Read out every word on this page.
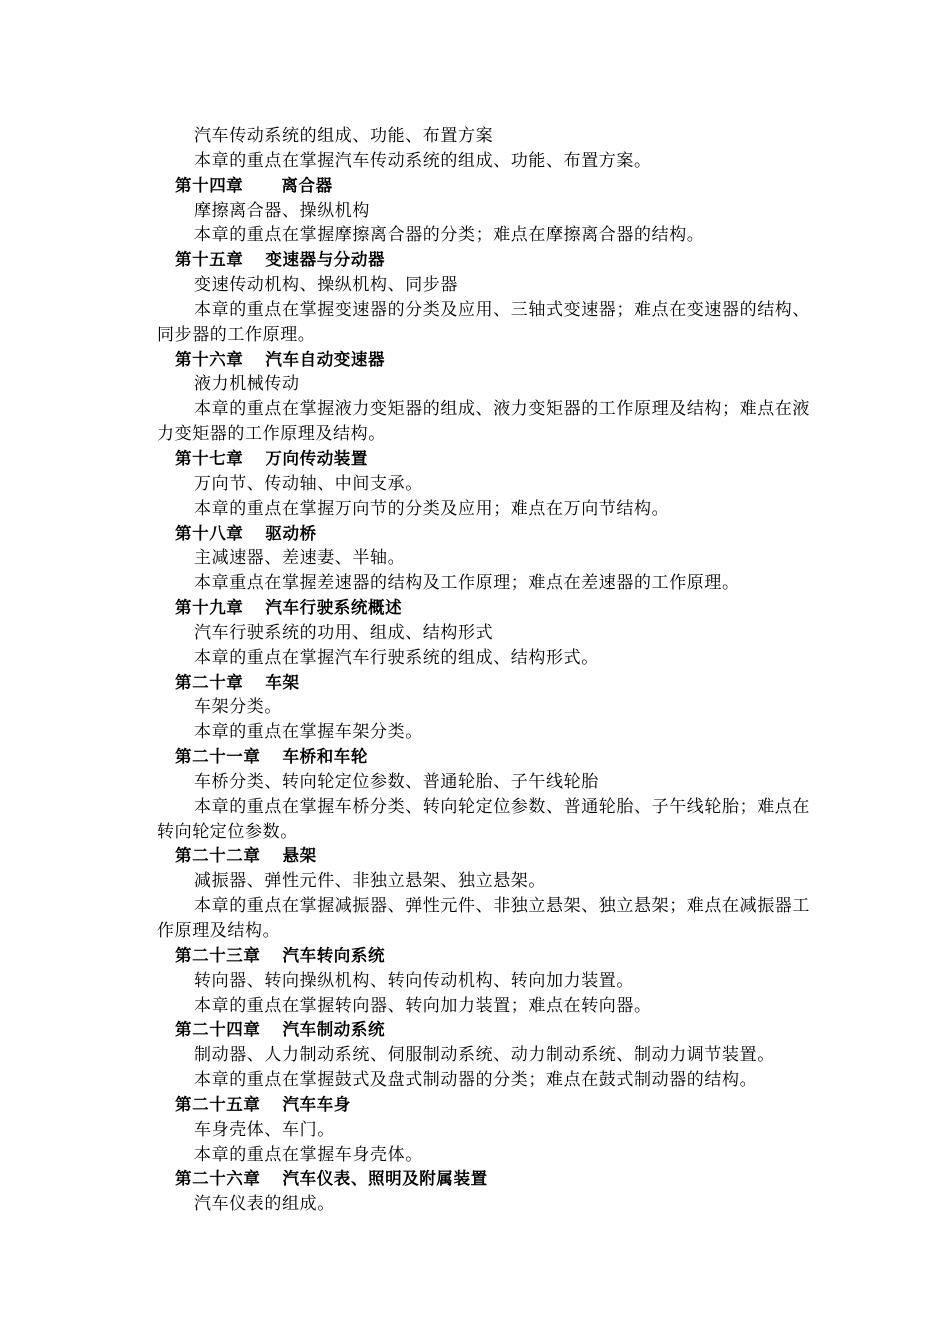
汽车传动系统的组成、功能、布置方案
本章的重点在掌握汽车传动系统的组成、功能、布置方案。
第十四章 离合器
摩擦离合器、操纵机构
本章的重点在掌握摩擦离合器的分类；难点在摩擦离合器的结构。
第十五章 变速器与分动器
变速传动机构、操纵机构、同步器

本章的重点在掌握变速器的分类及应用、三轴式变速器；难点在变速器的结构、同步器的工作原理。

第十六章 汽车自动变速器
液力机械传动

本章的重点在掌握液力变矩器的组成、液力变矩器的工作原理及结构；难点在液力变矩器的工作原理及结构。

第十七章 万向传动装置
万向节、传动轴、中间支承。
本章的重点在掌握万向节的分类及应用；难点在万向节结构。
第十八章 驱动桥
主减速器、差速妻、半轴。
本章重点在掌握差速器的结构及工作原理；难点在差速器的工作原理。
第十九章 汽车行驶系统概述
汽车行驶系统的功用、组成、结构形式
本章的重点在掌握汽车行驶系统的组成、结构形式。
第二十章 车架
车架分类。
本章的重点在掌握车架分类。
第二十一章 车桥和车轮
车桥分类、转向轮定位参数、普通轮胎、子午线轮胎

本章的重点在掌握车桥分类、转向轮定位参数、普通轮胎、子午线轮胎；难点在转向轮定位参数。

第二十二章 悬架
减振器、弹性元件、非独立悬架、独立悬架。

本章的重点在掌握减振器、弹性元件、非独立悬架、独立悬架；难点在减振器工作原理及结构。

第二十三章 汽车转向系统
转向器、转向操纵机构、转向传动机构、转向加力装置。
本章的重点在掌握转向器、转向加力装置；难点在转向器。
第二十四章 汽车制动系统
制动器、人力制动系统、伺服制动系统、动力制动系统、制动力调节装置。
本章的重点在掌握鼓式及盘式制动器的分类；难点在鼓式制动器的结构。
第二十五章 汽车车身
车身壳体、车门。
本章的重点在掌握车身壳体。
第二十六章 汽车仪表、照明及附属装置
汽车仪表的组成。
